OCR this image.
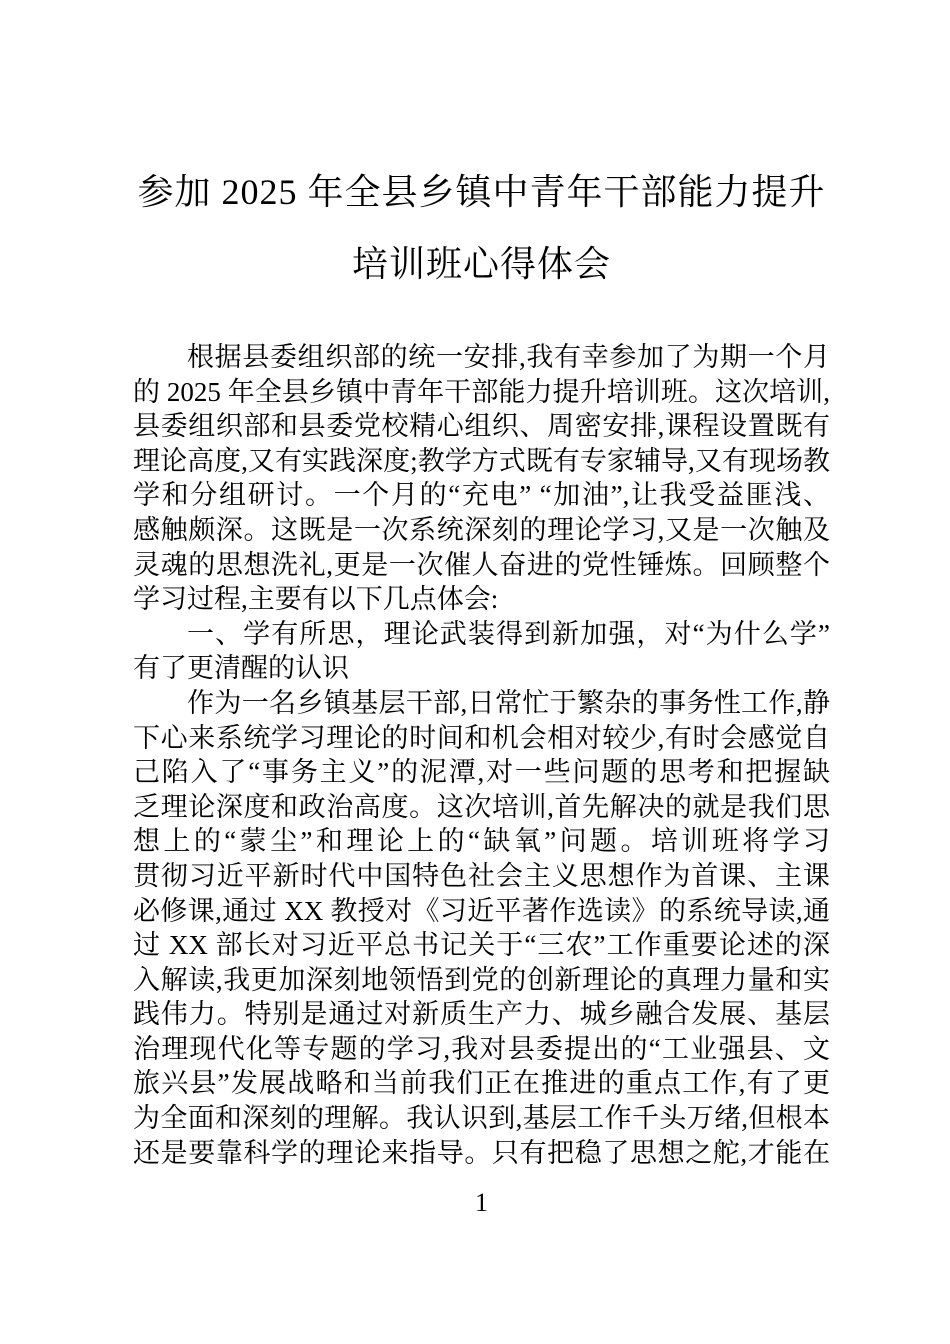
参加 2025 年全县乡镇中青年干部能力提升
培训班心得体会
根据县委组织部的统一安排,我有幸参加了为期一个月
的 2025 年全县乡镇中青年干部能力提升培训班。这次培训,
县委组织部和县委党校精心组织、周密安排,课程设置既有
理论高度,又有实践深度;教学方式既有专家辅导,又有现场教
学和分组研讨。一个月的“充电” “加油”,让我受益匪浅、
感触颇深。这既是一次系统深刻的理论学习,又是一次触及
灵魂的思想洗礼,更是一次催人奋进的党性锤炼。回顾整个
学习过程,主要有以下几点体会:
一、学有所思，理论武装得到新加强，对“为什么学”
有了更清醒的认识
作为一名乡镇基层干部,日常忙于繁杂的事务性工作,静
下心来系统学习理论的时间和机会相对较少,有时会感觉自
己陷入了“事务主义”的泥潭,对一些问题的思考和把握缺
乏理论深度和政治高度。这次培训,首先解决的就是我们思
想上的“蒙尘”和理论上的“缺氧”问题。培训班将学习
贯彻习近平新时代中国特色社会主义思想作为首课、主课
必修课,通过 XX 教授对《习近平著作选读》的系统导读,通
过 XX 部长对习近平总书记关于“三农”工作重要论述的深
入解读,我更加深刻地领悟到党的创新理论的真理力量和实
践伟力。特别是通过对新质生产力、城乡融合发展、基层
治理现代化等专题的学习,我对县委提出的“工业强县、文
旅兴县”发展战略和当前我们正在推进的重点工作,有了更
为全面和深刻的理解。我认识到,基层工作千头万绪,但根本
还是要靠科学的理论来指导。只有把稳了思想之舵,才能在
1
